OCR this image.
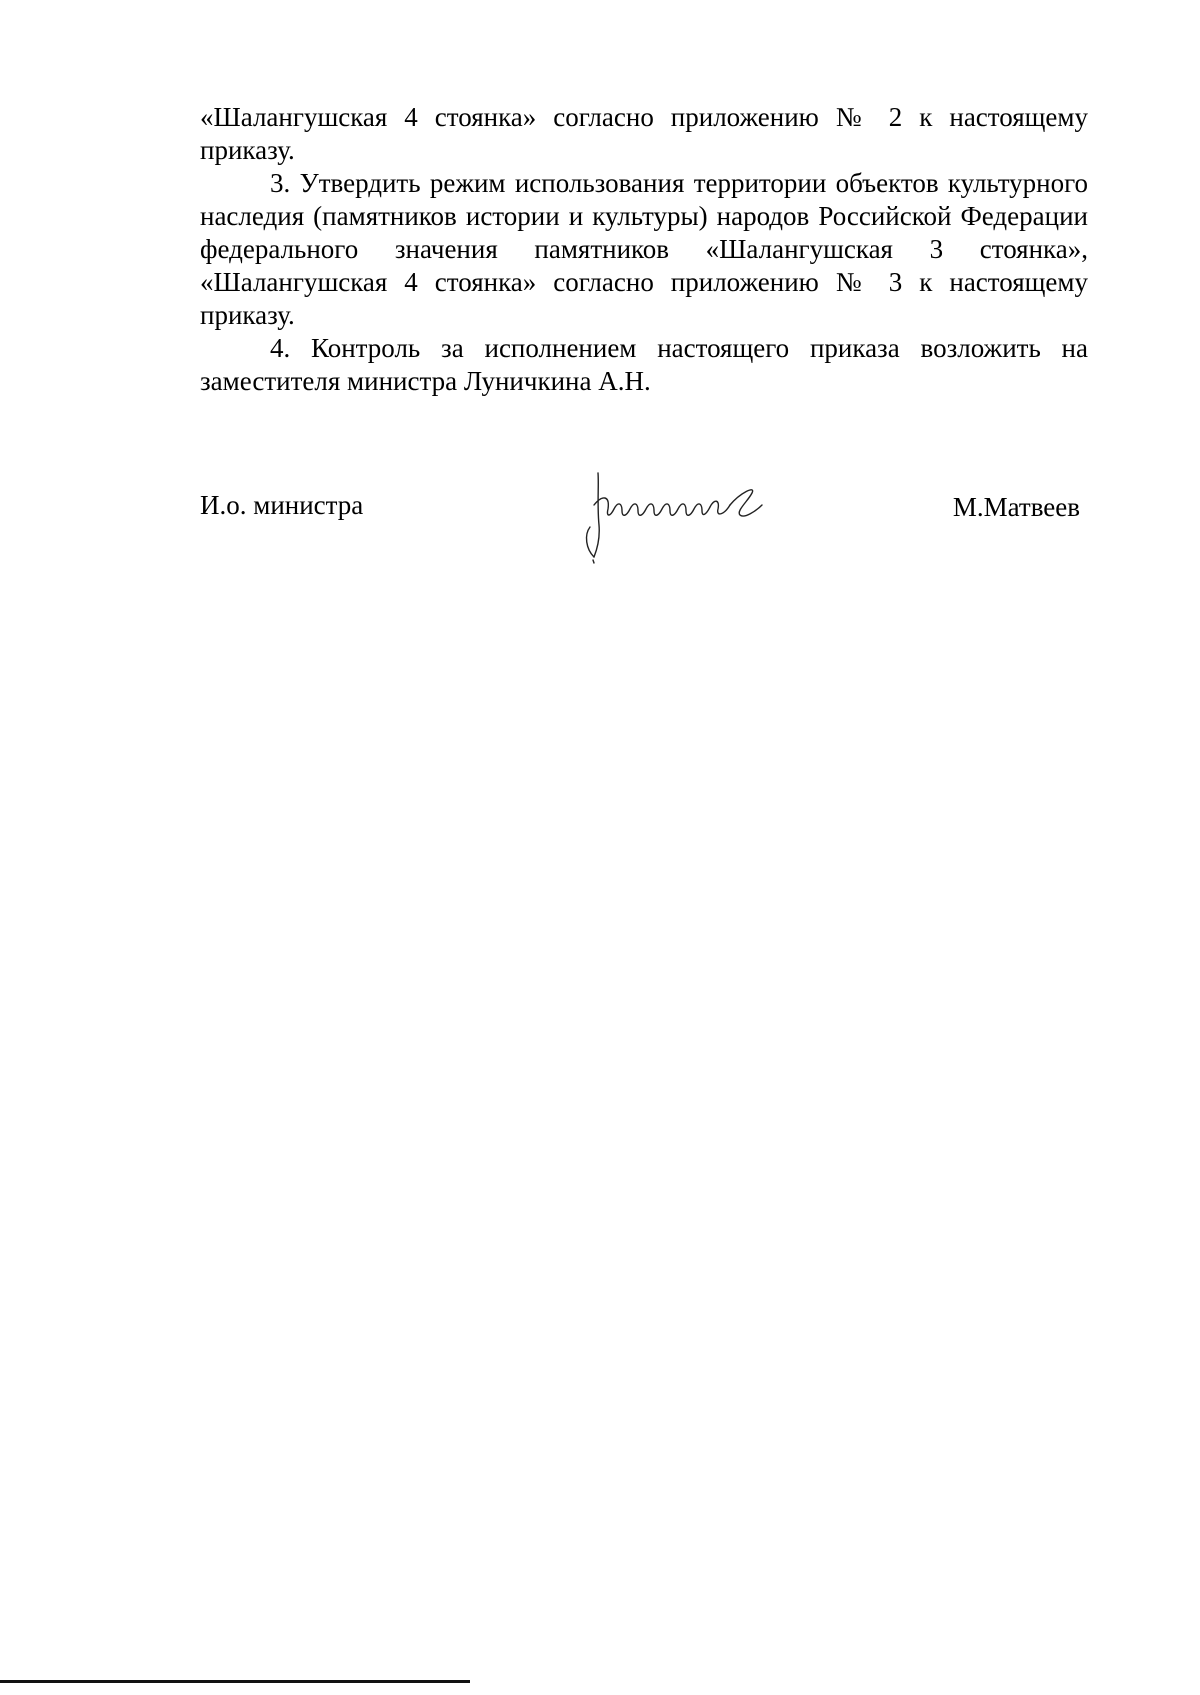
«Шалангушская 4 стоянка» согласно приложению № 2 к настоящему приказу.

3. Утвердить режим использования территории объектов культурного наследия (памятников истории и культуры) народов Российской Федерации федерального значения памятников «Шалангушская 3 стоянка», «Шалангушская 4 стоянка» согласно приложению № 3 к настоящему приказу.

4. Контроль за исполнением настоящего приказа возложить на заместителя министра Луничкина А.Н.

И.о. министра	М.Матвеев
